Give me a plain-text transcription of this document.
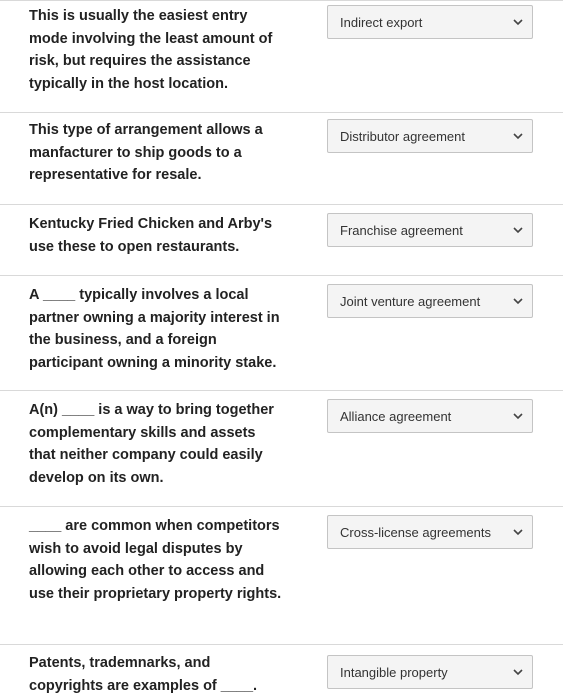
This is usually the easiest entry mode involving the least amount of risk, but requires the assistance typically in the host location.

Indirect export

This type of arrangement allows a manfacturer to ship goods to a representative for resale.

Distributor agreement

Kentucky Fried Chicken and Arby's use these to open restaurants.

Franchise agreement

A ____ typically involves a local partner owning a majority interest in the business, and a foreign participant owning a minority stake.

Joint venture agreement

A(n) ____ is a way to bring together complementary skills and assets that neither company could easily develop on its own.

Alliance agreement

____ are common when competitors wish to avoid legal disputes by allowing each other to access and use their proprietary property rights.

Cross-license agreements

Patents, trademnarks, and copyrights are examples of ____.

Intangible property
